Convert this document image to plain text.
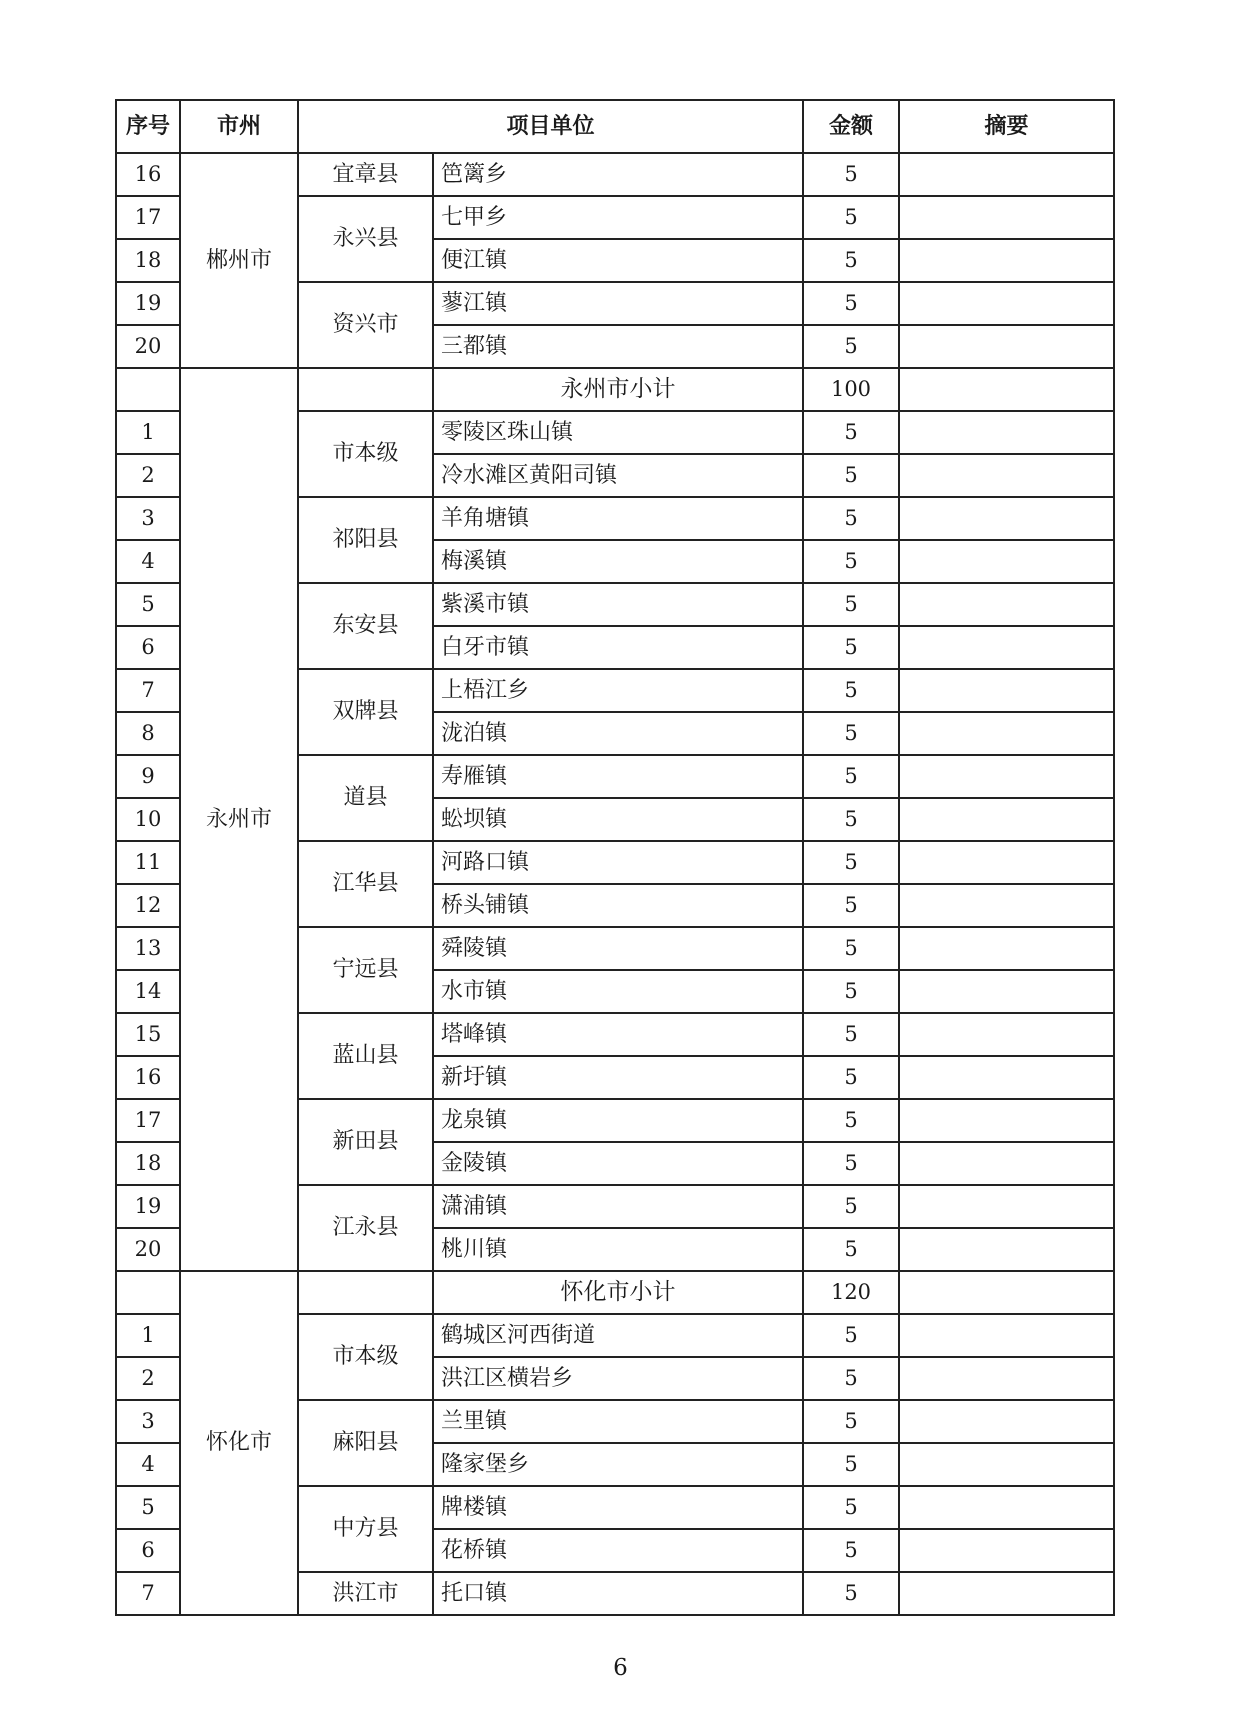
序号	市州	项目单位		金额	摘要
16	郴州市	宜章县	笆篱乡	5	
17		永兴县	七甲乡	5	
18			便江镇	5	
19		资兴市	蓼江镇	5	
20			三都镇	5	
	永州市		永州市小计	100	
1		市本级	零陵区珠山镇	5	
2			冷水滩区黄阳司镇	5	
3		祁阳县	羊角塘镇	5	
4			梅溪镇	5	
5		东安县	紫溪市镇	5	
6			白牙市镇	5	
7		双牌县	上梧江乡	5	
8			泷泊镇	5	
9		道县	寿雁镇	5	
10			蚣坝镇	5	
11		江华县	河路口镇	5	
12			桥头铺镇	5	
13		宁远县	舜陵镇	5	
14			水市镇	5	
15		蓝山县	塔峰镇	5	
16			新圩镇	5	
17		新田县	龙泉镇	5	
18			金陵镇	5	
19		江永县	潇浦镇	5	
20			桃川镇	5	
	怀化市		怀化市小计	120	
1		市本级	鹤城区河西街道	5	
2			洪江区横岩乡	5	
3		麻阳县	兰里镇	5	
4			隆家堡乡	5	
5		中方县	牌楼镇	5	
6			花桥镇	5	
7		洪江市	托口镇	5	
6
